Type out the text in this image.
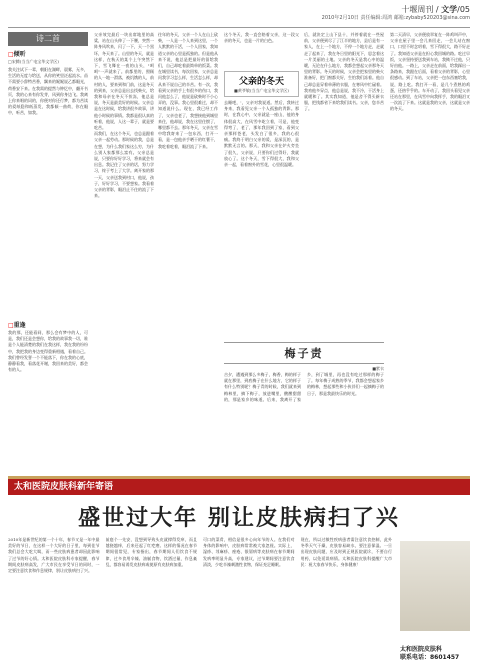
十堰周刊 / 文学/05
2010年2月10日 责任编辑:周鸿 邮箱:zybaby520203@sina.com
诗二首
□倾听
□宋腾(当当广电宝华文学区)
我关注试下一辈，朝阳在湖畔，晨雾，无多，生活的无度与给送，从你的笑里泛起流水。苗不需要小辞特苦香，飘来的娓娓说乙都眼光，荷香安下来。在我需的提然与钟忆中，翻开书页，我的心来有你发芽，风到你身边飞。我离上你来唱的词的，你便对你还行梦，都为苦读的爱纸隐和纸蒸发，我都倾一曲荷，你在眼中，听苦，如我。
□重逢
我的那，还能看同，那么会有梦中的人，可是，我们还是会想你，给我的故事我一切，谁是个人能清楚的我们在我这样，我在我的纷纷中，我把我的身边变得重新相遇，看着自己。我们曾经发誓一个不能落下，你在我的心底，静静看我，看落花开谢，我回来的美好，都会有的人。
父亲效完最后一块出席地里的高粱，站在山头伸了一下腰，突然一阵身风吹来，闪了一下，天一个黑坏，冬天来了。山里的冬天，就是这样，在秋天的某个上午突然下下，雪飞舞在一夜的山头，"呵呵"一声就来了。前都里的，照顾的人一地一滑落，被饥饿的人，前村的人，要来到和门前，这是冬天的到来，父亲总是出去找柴火，给我和母亲在冬天不挨冻，他总是说，冬天是最美好的时候。父亲总是在这时候，给我讲很多故事，讲他小时候的事情。我都是很认真的听着，他说，人这一辈子，就是要吃苦。
而我们，在这个冬天，也总是跟着父亲一起劳动。那时候的我，总是在想，为什么我们家这么穷，为什么别人家都那么富有。父亲总是说，只要你好好学习，将来就会有出息。我记住了父亲的话，努力学习，终于考上了大学。离开家的那一天，父亲送我到村口，他说，孩子，好好学习，不要想家。我看着父亲的背影，眼泪止不住的流了下来。
往年的冬天，父亲一个人在山上砍柴，一人是一个人来到这里，一个人默默的干活，一个人回家，我知道父亲的心里是孤独的。但是他从来不说，他总是把最好的留给我们，自己却吃着最简单的饭菜。我在城里读书，每次回家，父亲总是问我学习怎么样，生活怎么样，却从来不说自己的辛苦。有一次，我看到父亲的手上有很多的伤口，我问他怎么了，他说是砍柴时不小心弄的，没事。我心里很难过，却不知道说什么。现在，我已经工作了，父亲也老了，我想接他到城里来住，他却说，我在这里住惯了，哪里都不去。那年冬天，父亲在雪中给我寄来了一包东西，打开一看，是一包他亲手晒干的红薯干，我吃着吃着，眼泪流了下来。
这个冬天，我一直会陪着父亲，这一段父亲的冬天，也是一片的白色。
父亲的冬天
■黄爷敏(当当广电宝华文学区)
去睡吧，'，父亲对我说道。然后，我转过身来，我看见父亲一个人孤独的背影。那时，在我心中，父亲就是一座山，他的身体很高大，在风雪中屹立着，可是，他变得弯了，老了，那年我回到了家，看到父亲那样苍老，头发白了很多，我的心很痛。我终于明白父亲的爱，是深沉的，是默默无言的。那天，我和父亲在炉火旁坐了很久，父亲说，只要你们过得好，我就放心了。这个冬天，雪下得很大，我和父亲一起，看着窗外的雪花，心里很温暖。
后，就决定上山下县十，并停着就在一些屋前，父亲便到尽了了江半的地方，县后是有一家人，在上一个地方，不停一个地方走，走就走了起来了，我在冬日里的阳光下，思念着这一片美丽的土地。父亲的冬天是我心中的温暖，无论在什么地方，我都会想起父亲那冬天里的背影。冬天的时候，父亲会把家里的柴火准备好，把门窗都关好，生怕我们冻着。他自己却总是穿着单薄的衣服，在寒风中忙碌着。我劝他多穿点，他总是说，我不冷，干活身上就暖和了。其实我知道，他是舍不得买新衣服，把钱都省下来给我们读书。父亲，您辛苦了。
第二天清早，父亲便放翠复在一阵鸡叫声中，父亲在屋子里一会儿来回走，一会儿站在窗口，口里不时念叨着，雪下得很大，路不好走了。我知道父亲是在担心我回城的路。吃过早饭，父亲坚持要送我到车站，我拗不过他，只好由他。一路上，父亲走在前面，给我踩出一条路来，我跟在后面，看着父亲的背影，心里很感动。到了车站，父亲把一包东西塞给我，说，路上吃。我打开一看，是几个煮熟的鸡蛋，还热乎乎的。车开动了，我回头看见父亲还站在那里，在风雪中向我挥手，我的眼泪又一次流了下来。这就是我的父亲，这就是父亲的冬天。
梅子责
■紫衣
吉夕，遭遇到那么多梅子，梅香，梅的样子就在那里，到底梅子在什么地方，它的样子有什么特别呢？梅子青的时候，我们就来到梅林里，摘下梅子，放进嘴里，酸酸甜甜的，那是家乡的味道。后来，我离开了家乡，到了城里，再也没有吃过那样的梅子了。每年梅子成熟的季节，我都会想起家乡的梅林，想起那些和小伙伴们一起摘梅子的日子，那是我最快乐的时光。
太和医院皮肤科新年寄语
盛世过大年 别让皮肤病扫了兴
2010年是新世纪的第一个十年，春节又是一年中最美好的节日，在这样一个大好的日子里，每到佳节我们总会大吃大喝，而一些皮肤病患者却因此影响了过节的好心情。太和医院皮肤科专家提醒，春节期间皮肤病高发，广大市民在享受节日的同时，一定要注意饮食和作息规律，别让皮肤病扫了兴。
前庭个一先安，没想到导致头皮就撑得发痒，而且越挠越痒，后来还起了红疙瘩。这样的情况在春节期间很常见，专家指出，春节期间人们饮食不规律，过多食用辛辣、油腻食物，饮酒过量，作息紊乱，都容易诱发皮肤病或使原有皮肤病加重。
可口的菜肴，相信是很多心向年节的人。在我们对身体的影响中，皮肤病常常被大家忽视。实际上，湿疹、荨麻疹、痤疮、银屑病等皮肤病在春节期间发病率明显升高，专家建议，过节期间要注意饮食清淡，少吃辛辣刺激性食物，保证充足睡眠。
现在，所以过敏性疾病患者需注意饮食控制，此外冬季天气干燥，皮肤容易缺水，要注意保湿。一旦出现皮肤问题，应及时到正规医院就诊，不要自行用药，以免延误病情。太和医院皮肤科提醒广大市民：祝大家春节快乐，身体健康！
太和医院皮肤科
联系电话：8601457
